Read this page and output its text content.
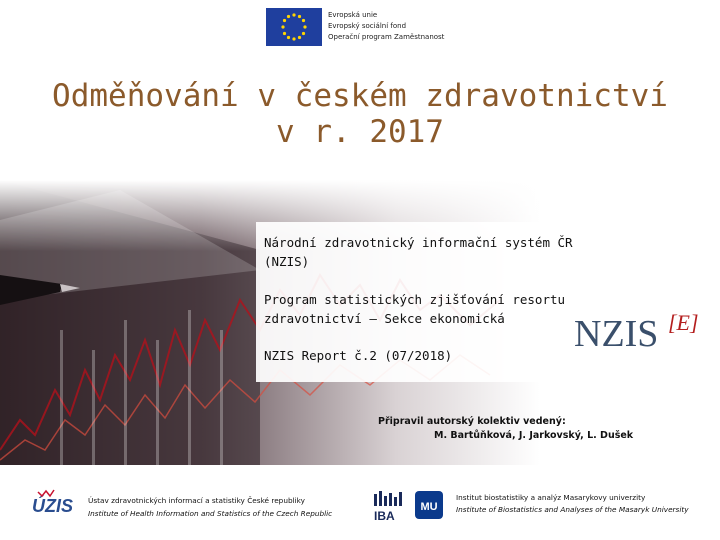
Evropská unie
Evropský sociální fond
Operační program Zaměstnanost
Odměňování v českém zdravotnictví
v r. 2017
Národní zdravotnický informační systém ČR (NZIS)
Program statistických zjišťování resortu zdravotnictví – Sekce ekonomická
NZIS Report č.2 (07/2018)
NZIS [E]
Připravil autorský kolektiv vedený:
M. Bartůňková, J. Jarkovský, L. Dušek
ÚZIS Ústav zdravotnických informací a statistiky České republiky
Institute of Health Information and Statistics of the Czech Republic	IBA
MU
Institut biostatistiky a analýz Masarykovy univerzity
Institute of Biostatistics and Analyses of the Masaryk University
